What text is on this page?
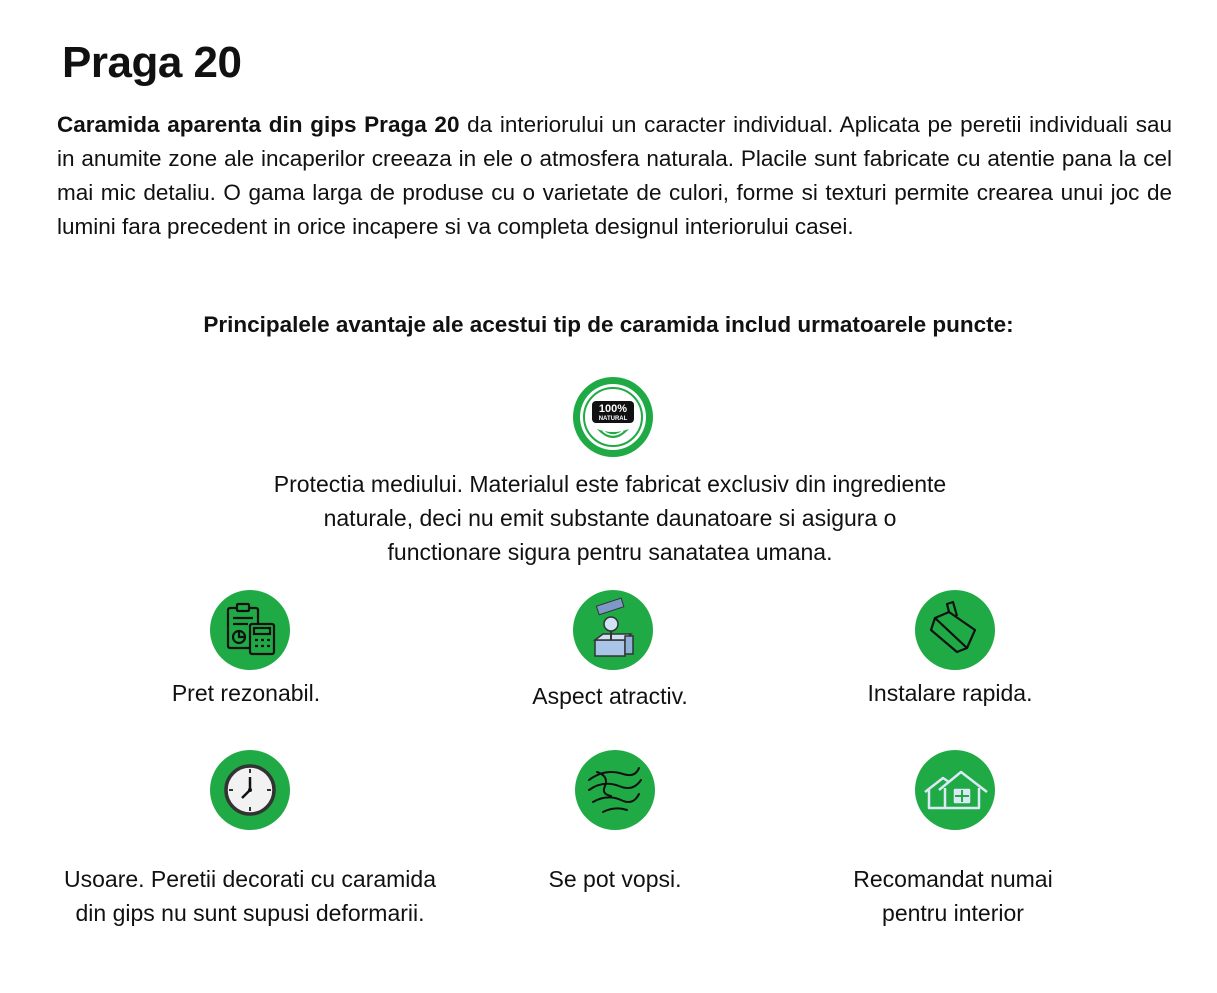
Praga 20

Caramida aparenta din gips Praga 20 da interiorului un caracter individual. Aplicata pe peretii individuali sau in anumite zone ale incaperilor creeaza in ele o atmosfera naturala. Placile sunt fabricate cu atentie pana la cel mai mic detaliu. O gama larga de produse cu o varietate de culori, forme si texturi permite crearea unui joc de lumini fara precedent in orice incapere si va completa designul interiorului casei.

Principalele avantaje ale acestui tip de caramida includ urmatoarele puncte:

100%
NATURAL

Protectia mediului. Materialul este fabricat exclusiv din ingrediente naturale, deci nu emit substante daunatoare si asigura o functionare sigura pentru sanatatea umana.

Pret rezonabil.	Aspect atractiv.	Instalare rapida.

Usoare. Peretii decorati cu caramida din gips nu sunt supusi deformarii.

Se pot vopsi.	Recomandat numai pentru interior
